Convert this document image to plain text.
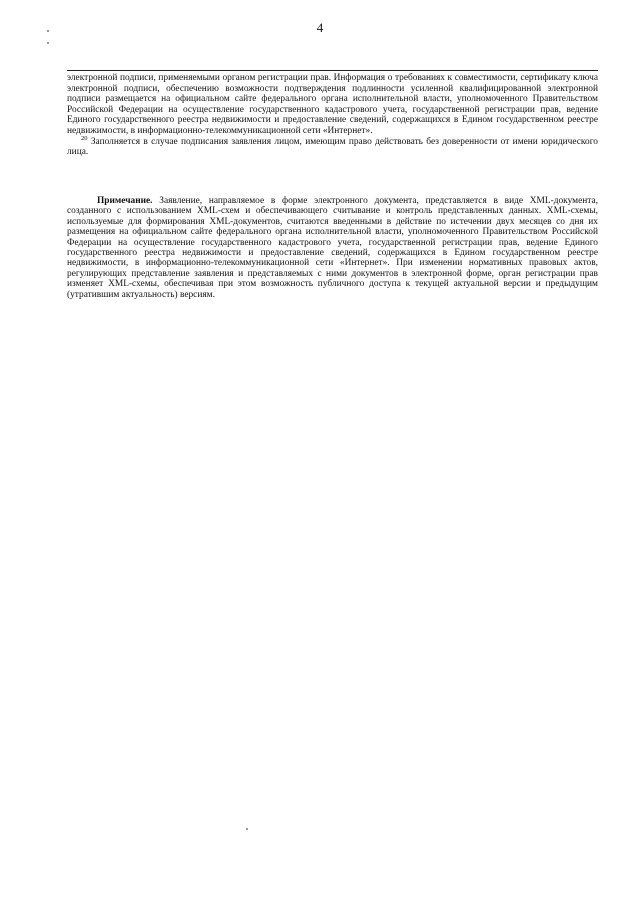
4

электронной подписи, применяемыми органом регистрации прав. Информация о требованиях к совместимости, сертификату ключа электронной подписи, обеспечению возможности подтверждения подлинности усиленной квалифицированной электронной подписи размещается на официальном сайте федерального органа исполнительной власти, уполномоченного Правительством Российской Федерации на осуществление государственного кадастрового учета, государственной регистрации прав, ведение Единого государственного реестра недвижимости и предоставление сведений, содержащихся в Едином государственном реестре недвижимости, в информационно-телекоммуникационной сети «Интернет».

$^{20}$ Заполняется в случае подписания заявления лицом, имеющим право действовать без доверенности от имени юридического лица.

Примечание. Заявление, направляемое в форме электронного документа, представляется в виде XML-документа, созданного с использованием XML-схем и обеспечивающего считывание и контроль представленных данных. XML-схемы, используемые для формирования XML-документов, считаются введенными в действие по истечении двух месяцев со дня их размещения на официальном сайте федерального органа исполнительной власти, уполномоченного Правительством Российской Федерации на осуществление государственного кадастрового учета, государственной регистрации прав, ведение Единого государственного реестра недвижимости и предоставление сведений, содержащихся в Едином государственном реестре недвижимости, в информационно-телекоммуникационной сети «Интернет». При изменении нормативных правовых актов, регулирующих представление заявления и представляемых с ними документов в электронной форме, орган регистрации прав изменяет XML-схемы, обеспечивая при этом возможность публичного доступа к текущей актуальной версии и предыдущим (утратившим актуальность) версиям.
